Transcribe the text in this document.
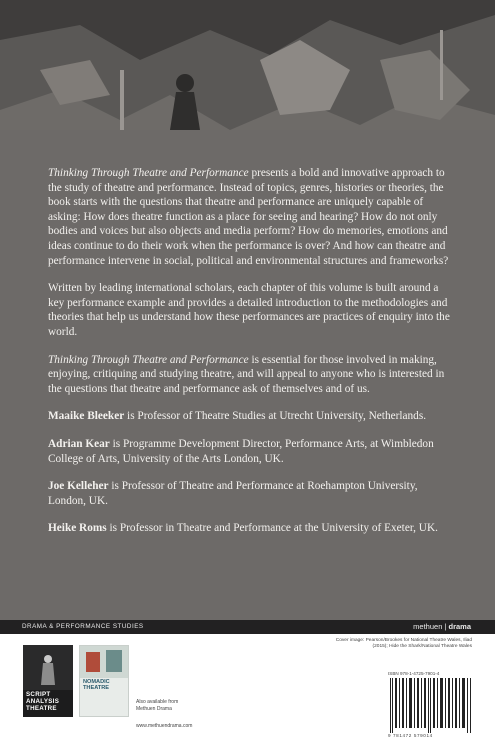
Thinking Through Theatre and Performance presents a bold and innovative approach to the study of theatre and performance. Instead of topics, genres, histories or theories, the book starts with the questions that theatre and performance are uniquely capable of asking: How does theatre function as a place for seeing and hearing? How do not only bodies and voices but also objects and media perform? How do memories, emotions and ideas continue to do their work when the performance is over? And how can theatre and performance intervene in social, political and environmental structures and frameworks?

Written by leading international scholars, each chapter of this volume is built around a key performance example and provides a detailed introduction to the methodologies and theories that help us understand how these performances are practices of enquiry into the world.

Thinking Through Theatre and Performance is essential for those involved in making, enjoying, critiquing and studying theatre, and will appeal to anyone who is interested in the questions that theatre and performance ask of themselves and of us.

Maaike Bleeker is Professor of Theatre Studies at Utrecht University, Netherlands.

Adrian Kear is Programme Development Director, Performance Arts, at Wimbledon College of Arts, University of the Arts London, UK.

Joe Kelleher is Professor of Theatre and Performance at Roehampton University, London, UK.

Heike Roms is Professor in Theatre and Performance at the University of Exeter, UK.

DRAMA & PERFORMANCE STUDIES	methuen | drama
SCRIPT ANALYSIS THEATRE
NOMADIC THEATRE
Also available from
Methuen Drama
www.methuendrama.com
Cover image: Pearson/Brookes for National Theatre Wales, Iliad (2015); Hide the Shark/National Theatre Wales
ISBN 978-1-4725-7901-4
9 781472 579014
